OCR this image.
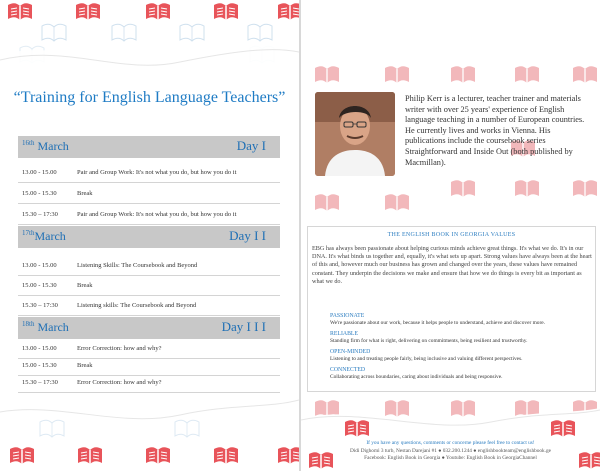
“Training for English Language Teachers”
$^{16th}$ March	Day I
13.00 - 15.00	Pair and Group Work: It's not what you do, but how you do it
15.00 - 15.30	Break
15.30 – 17:30	Pair and Group Work: It's not what you do, but how you do it
$^{17th}$March	Day I I
13.00 - 15.00	Listening Skills: The Coursebook and Beyond
15.00 - 15.30	Break
15.30 – 17:30	Listening skills: The Coursebook and Beyond
$^{18th}$ March	Day I I I
13.00 - 15.00	Error Correction: how and why?
15.00 - 15.30	Break
15.30 – 17:30	Error Correction: how and why?
Philip Kerr is a lecturer, teacher trainer and materials writer with over 25 years' experience of English language teaching in a number of European countries. He currently lives and works in Vienna. His publications include the coursebook series Straightforward and Inside Out (both published by Macmillan).
THE ENGLISH BOOK IN GEORGIA VALUES
EBG has always been passionate about helping curious minds achieve great things. It's what we do. It's in our DNA. It's what binds us together and, equally, it's what sets up apart. Strong values have always been at the heart of this and, however much our business has grown and changed over the years, these values have remained constant. They underpin the decisions we make and ensure that how we do things is every bit as important as what we do.
PASSIONATE
We're passionate about our work, because it helps people to understand, achieve and discover more.
RELIABLE
Standing firm for what is right, delivering on commitments, being resilient and trustworthy.
OPEN-MINDED
Listening to and treating people fairly, being inclusive and valuing different perspectives.
CONNECTED
Collaborating across boundaries, caring about individuals and being responsive.
If you have any questions, comments or concerne please feel free to contact us!
Didi Dighomi 3 turb, Nestan Darejani #1 ● 032.200.1244 ● englishbookteam@englishbook.ge
Facebook: English Book in Georgia ● Youtube: English Book in GeorgiaChannel
